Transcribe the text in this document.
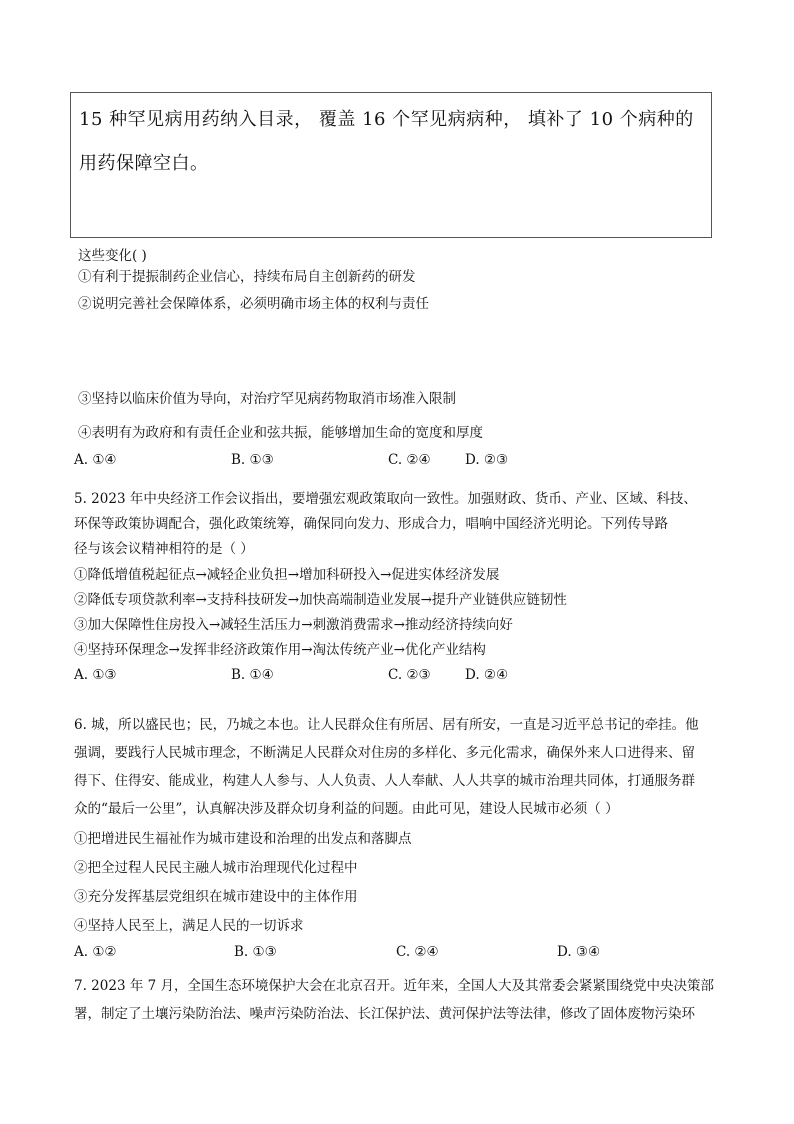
15 种罕见病用药纳入目录， 覆盖 16 个罕见病病种， 填补了 10 个病种的
用药保障空白。
这些变化( )
①有利于提振制药企业信心，持续布局自主创新药的研发
②说明完善社会保障体系，必须明确市场主体的权利与责任
③坚持以临床价值为导向，对治疗罕见病药物取消市场准入限制
④表明有为政府和有责任企业和弦共振，能够增加生命的宽度和厚度
A. ①④	B. ①③	C. ②④	D. ②③
5. 2023 年中央经济工作会议指出，要增强宏观政策取向一致性。加强财政、货币、产业、区域、科技、
环保等政策协调配合，强化政策统筹，确保同向发力、形成合力，唱响中国经济光明论。下列传导路
径与该会议精神相符的是（ ）
①降低增值税起征点→减轻企业负担→增加科研投入→促进实体经济发展
②降低专项贷款利率→支持科技研发→加快高端制造业发展→提升产业链供应链韧性
③加大保障性住房投入→减轻生活压力→刺激消费需求→推动经济持续向好
④坚持环保理念→发挥非经济政策作用→淘汰传统产业→优化产业结构
A. ①③	B. ①④	C. ②③	D. ②④
6. 城，所以盛民也；民，乃城之本也。让人民群众住有所居、居有所安，一直是习近平总书记的牵挂。他
强调，要践行人民城市理念，不断满足人民群众对住房的多样化、多元化需求，确保外来人口进得来、留
得下、住得安、能成业，构建人人参与、人人负责、人人奉献、人人共享的城市治理共同体，打通服务群
众的“最后一公里”，认真解决涉及群众切身利益的问题。由此可见，建设人民城市必须（ ）
①把增进民生福祉作为城市建设和治理的出发点和落脚点
②把全过程人民民主融人城市治理现代化过程中
③充分发挥基层党组织在城市建设中的主体作用
④坚持人民至上，满足人民的一切诉求
A. ①②	B. ①③	C. ②④	D. ③④
7. 2023 年 7 月，全国生态环境保护大会在北京召开。近年来，全国人大及其常委会紧紧围绕党中央决策部
署，制定了土壤污染防治法、噪声污染防治法、长江保护法、黄河保护法等法律，修改了固体废物污染环
